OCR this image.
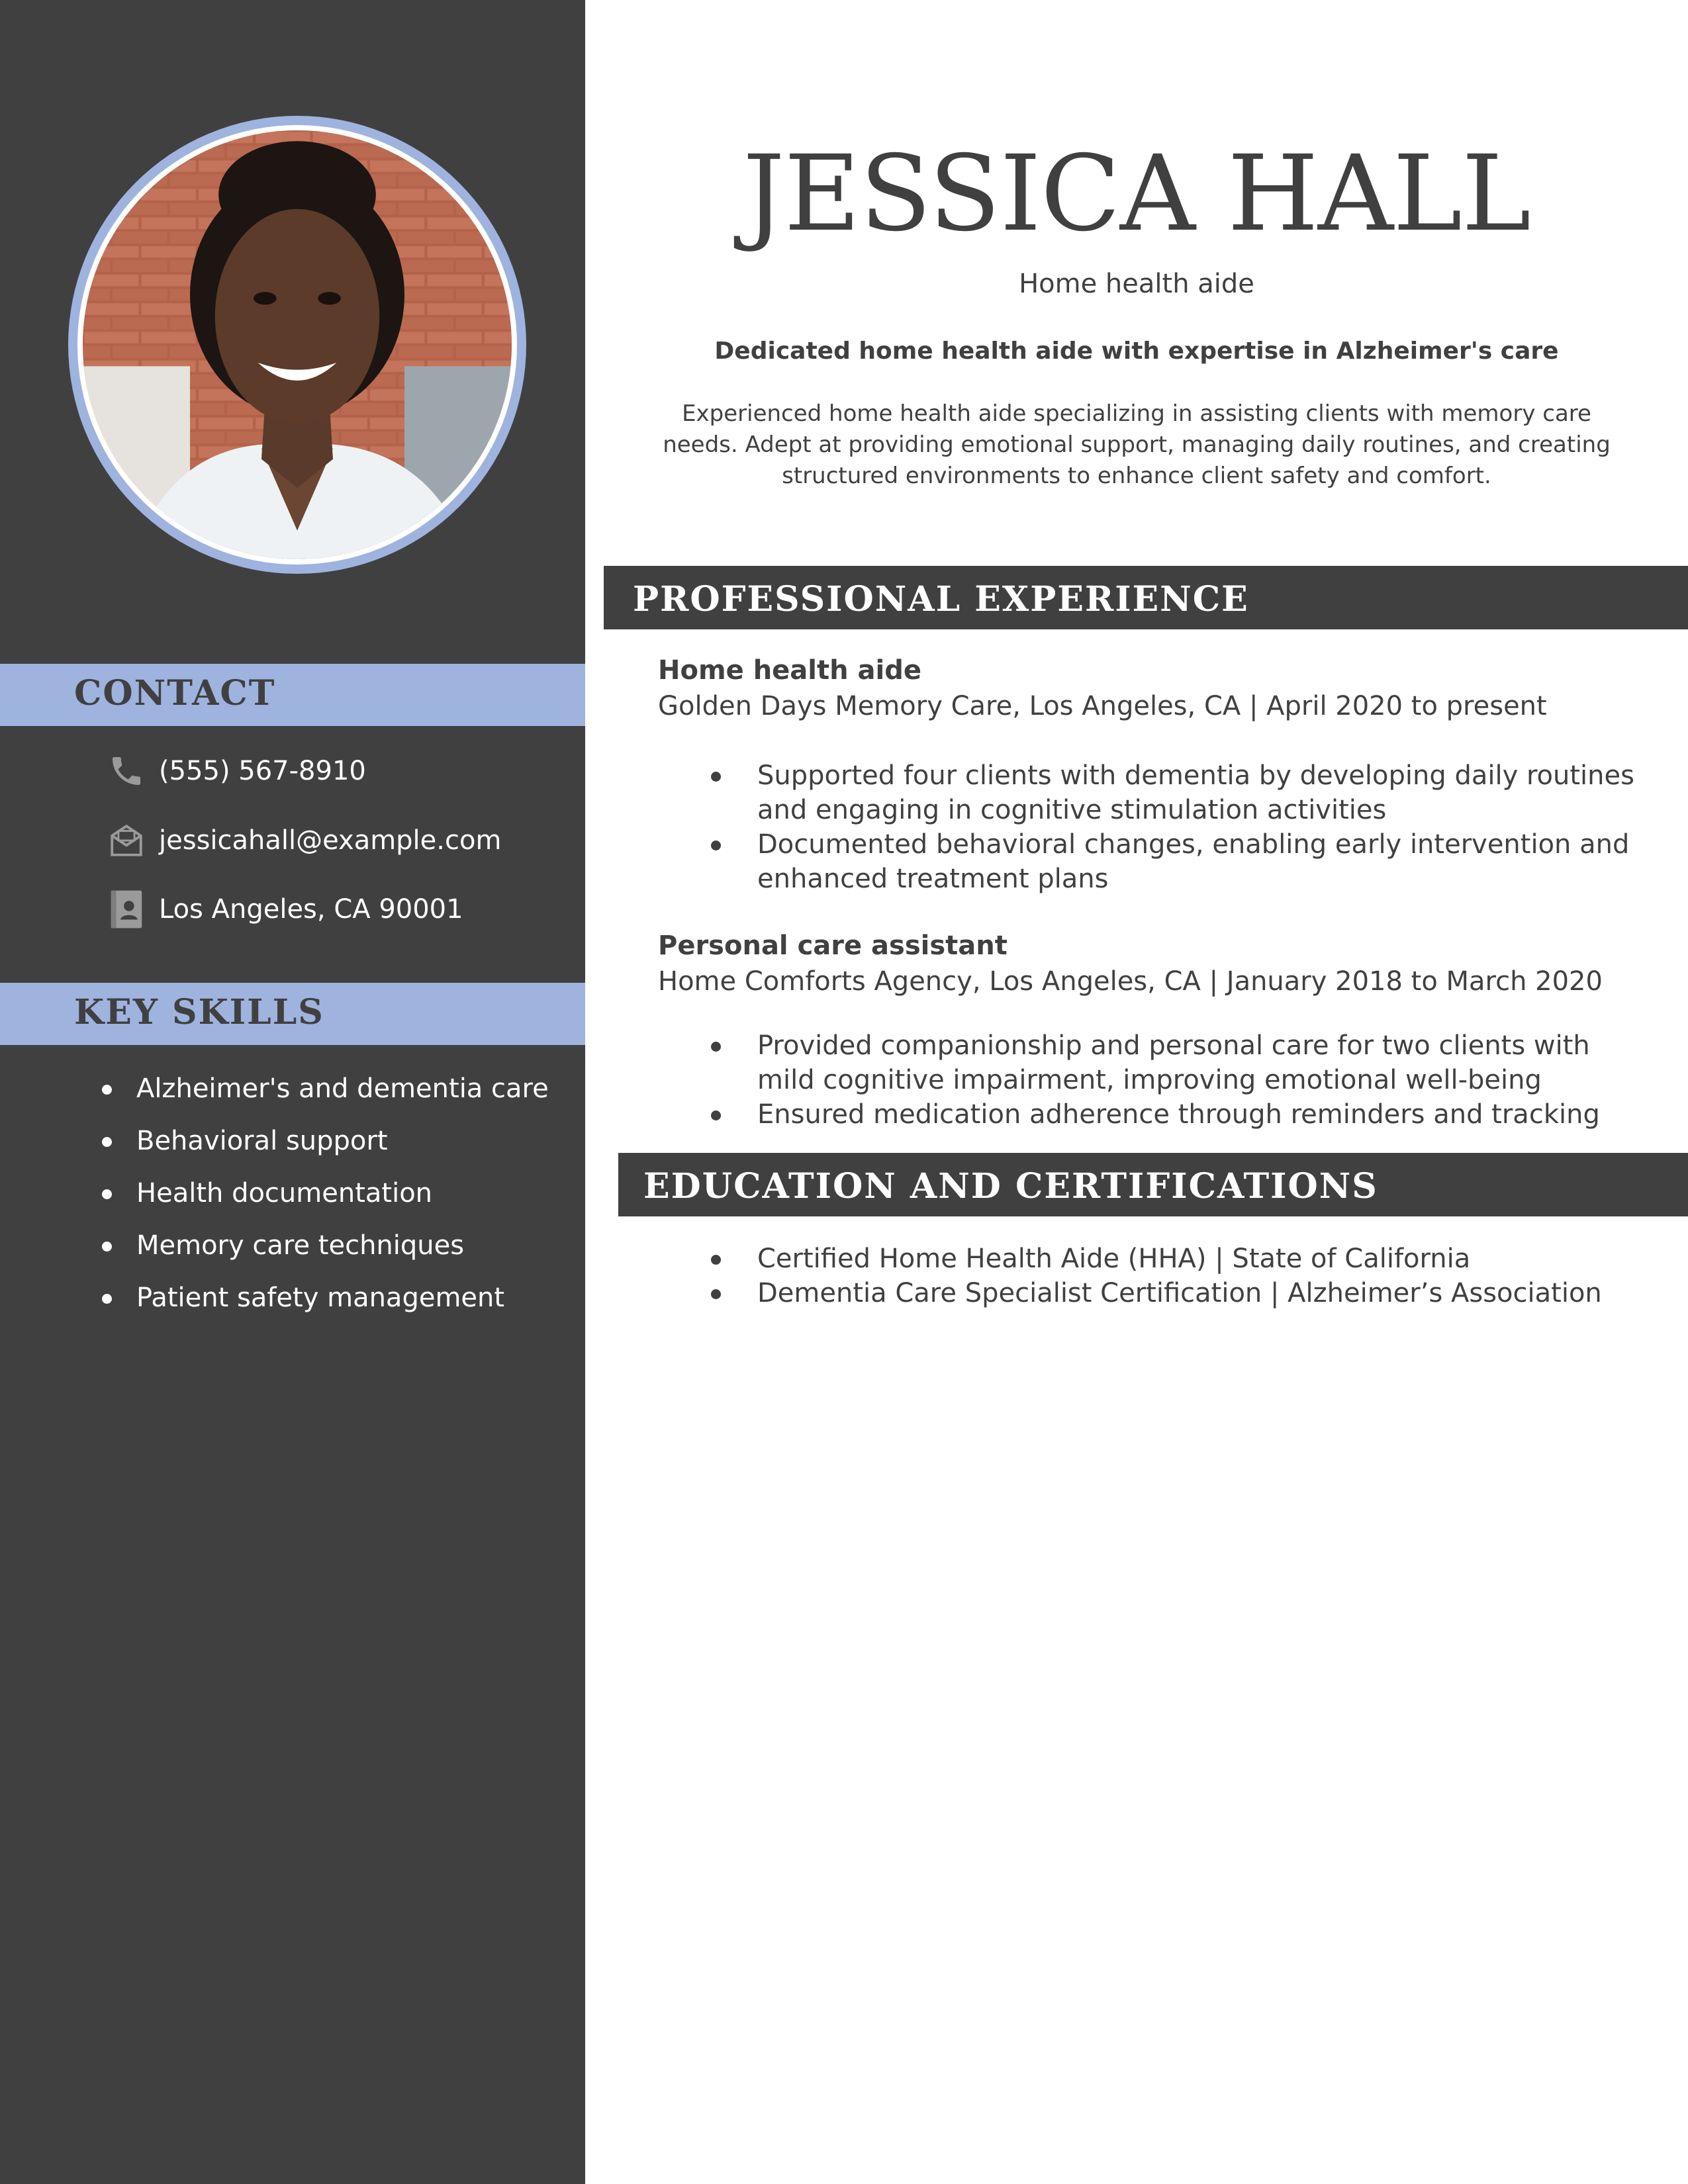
CONTACT
(555) 567-8910
jessicahall@example.com
Los Angeles, CA 90001
KEY SKILLS
Alzheimer's and dementia care
Behavioral support
Health documentation
Memory care techniques
Patient safety management
JESSICA HALL
Home health aide
Dedicated home health aide with expertise in Alzheimer's care
Experienced home health aide specializing in assisting clients with memory care needs. Adept at providing emotional support, managing daily routines, and creating structured environments to enhance client safety and comfort.
PROFESSIONAL EXPERIENCE
Home health aide
Golden Days Memory Care, Los Angeles, CA | April 2020 to present
Supported four clients with dementia by developing daily routines and engaging in cognitive stimulation activities
Documented behavioral changes, enabling early intervention and enhanced treatment plans
Personal care assistant
Home Comforts Agency, Los Angeles, CA | January 2018 to March 2020
Provided companionship and personal care for two clients with mild cognitive impairment, improving emotional well-being
Ensured medication adherence through reminders and tracking
EDUCATION AND CERTIFICATIONS
Certified Home Health Aide (HHA) | State of California
Dementia Care Specialist Certification | Alzheimer’s Association
